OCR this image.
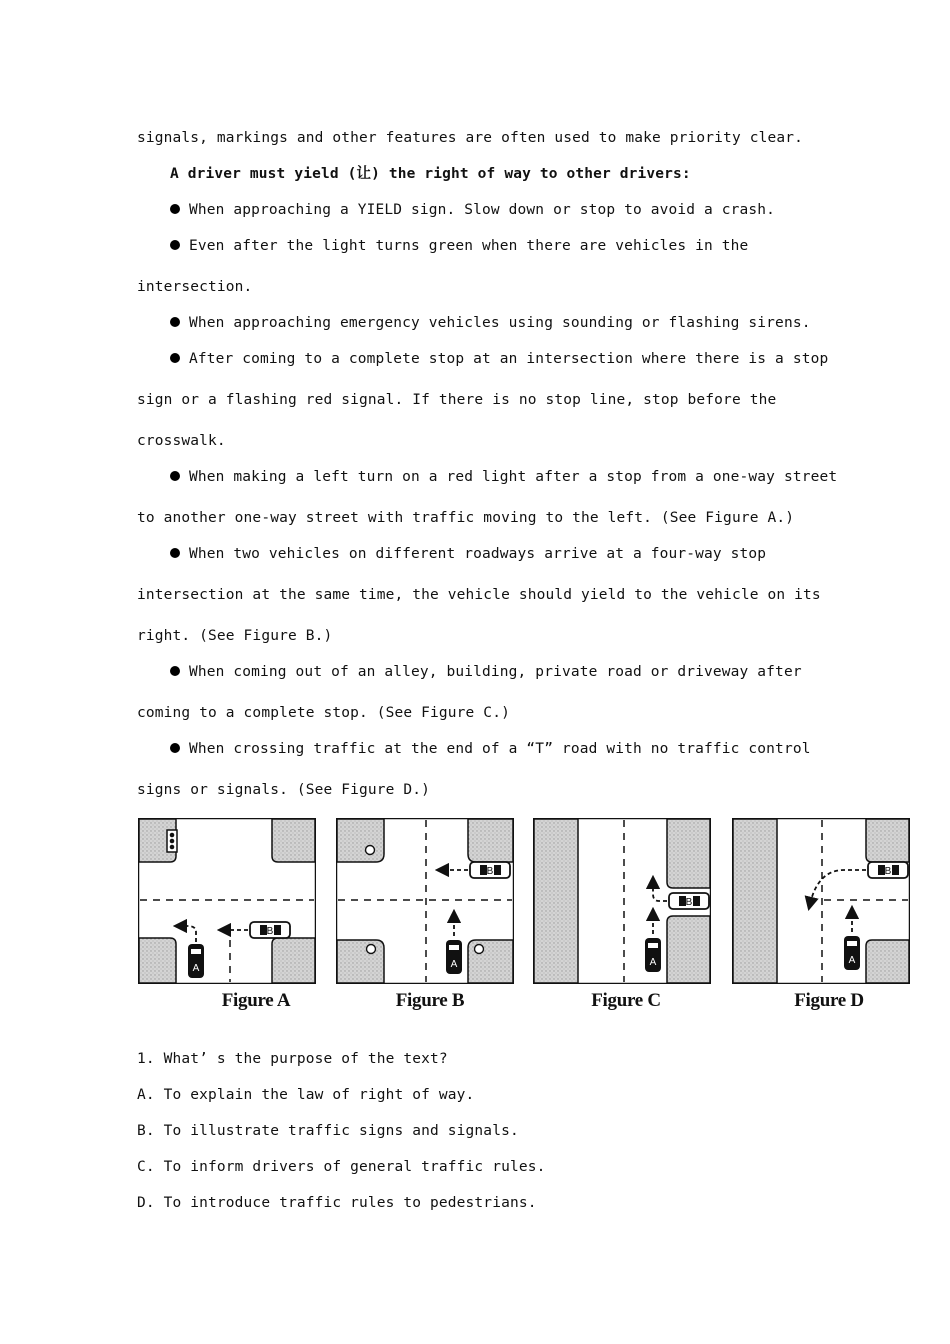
signals, markings and other features are often used to make priority clear.
A driver must yield (让) the right of way to other drivers:
When approaching a YIELD sign. Slow down or stop to avoid a crash.
Even after the light turns green when there are vehicles in the
intersection.
When approaching emergency vehicles using sounding or flashing sirens.
After coming to a complete stop at an intersection where there is a stop
sign or a flashing red signal. If there is no stop line, stop before the
crosswalk.
When making a left turn on a red light after a stop from a one-way street
to another one-way street with traffic moving to the left. (See Figure A.)
When two vehicles on different roadways arrive at a four-way stop
intersection at the same time, the vehicle should yield to the vehicle on its
right. (See Figure B.)
When coming out of an alley, building, private road or driveway after
coming to a complete stop. (See Figure C.)
When crossing traffic at the end of a “T” road with no traffic control
signs or signals. (See Figure D.)
A
B
Figure A
A
B
Figure B
A
B
Figure C
A
B
Figure D
1. What’ s the purpose of the text?
A. To explain the law of right of way.
B. To illustrate traffic signs and signals.
C. To inform drivers of general traffic rules.
D. To introduce traffic rules to pedestrians.
